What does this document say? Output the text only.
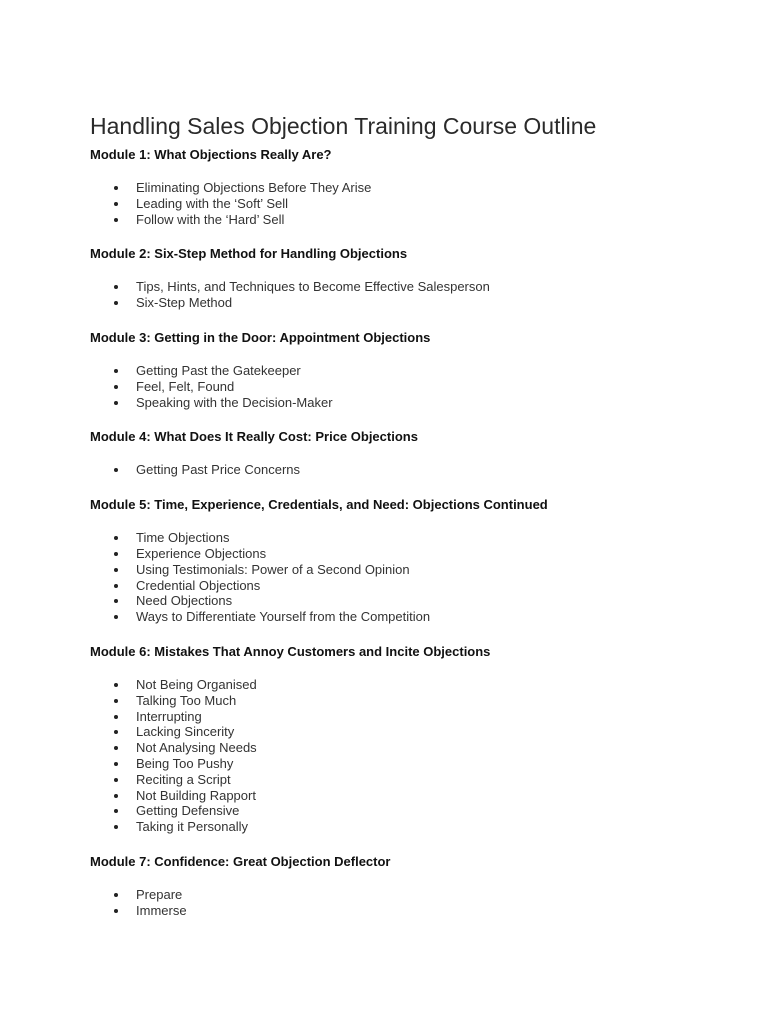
Handling Sales Objection Training Course Outline
Module 1: What Objections Really Are?
Eliminating Objections Before They Arise
Leading with the ‘Soft’ Sell
Follow with the ‘Hard’ Sell
Module 2: Six-Step Method for Handling Objections
Tips, Hints, and Techniques to Become Effective Salesperson
Six-Step Method
Module 3: Getting in the Door: Appointment Objections
Getting Past the Gatekeeper
Feel, Felt, Found
Speaking with the Decision-Maker
Module 4: What Does It Really Cost: Price Objections
Getting Past Price Concerns
Module 5: Time, Experience, Credentials, and Need: Objections Continued
Time Objections
Experience Objections
Using Testimonials: Power of a Second Opinion
Credential Objections
Need Objections
Ways to Differentiate Yourself from the Competition
Module 6: Mistakes That Annoy Customers and Incite Objections
Not Being Organised
Talking Too Much
Interrupting
Lacking Sincerity
Not Analysing Needs
Being Too Pushy
Reciting a Script
Not Building Rapport
Getting Defensive
Taking it Personally
Module 7: Confidence: Great Objection Deflector
Prepare
Immerse
